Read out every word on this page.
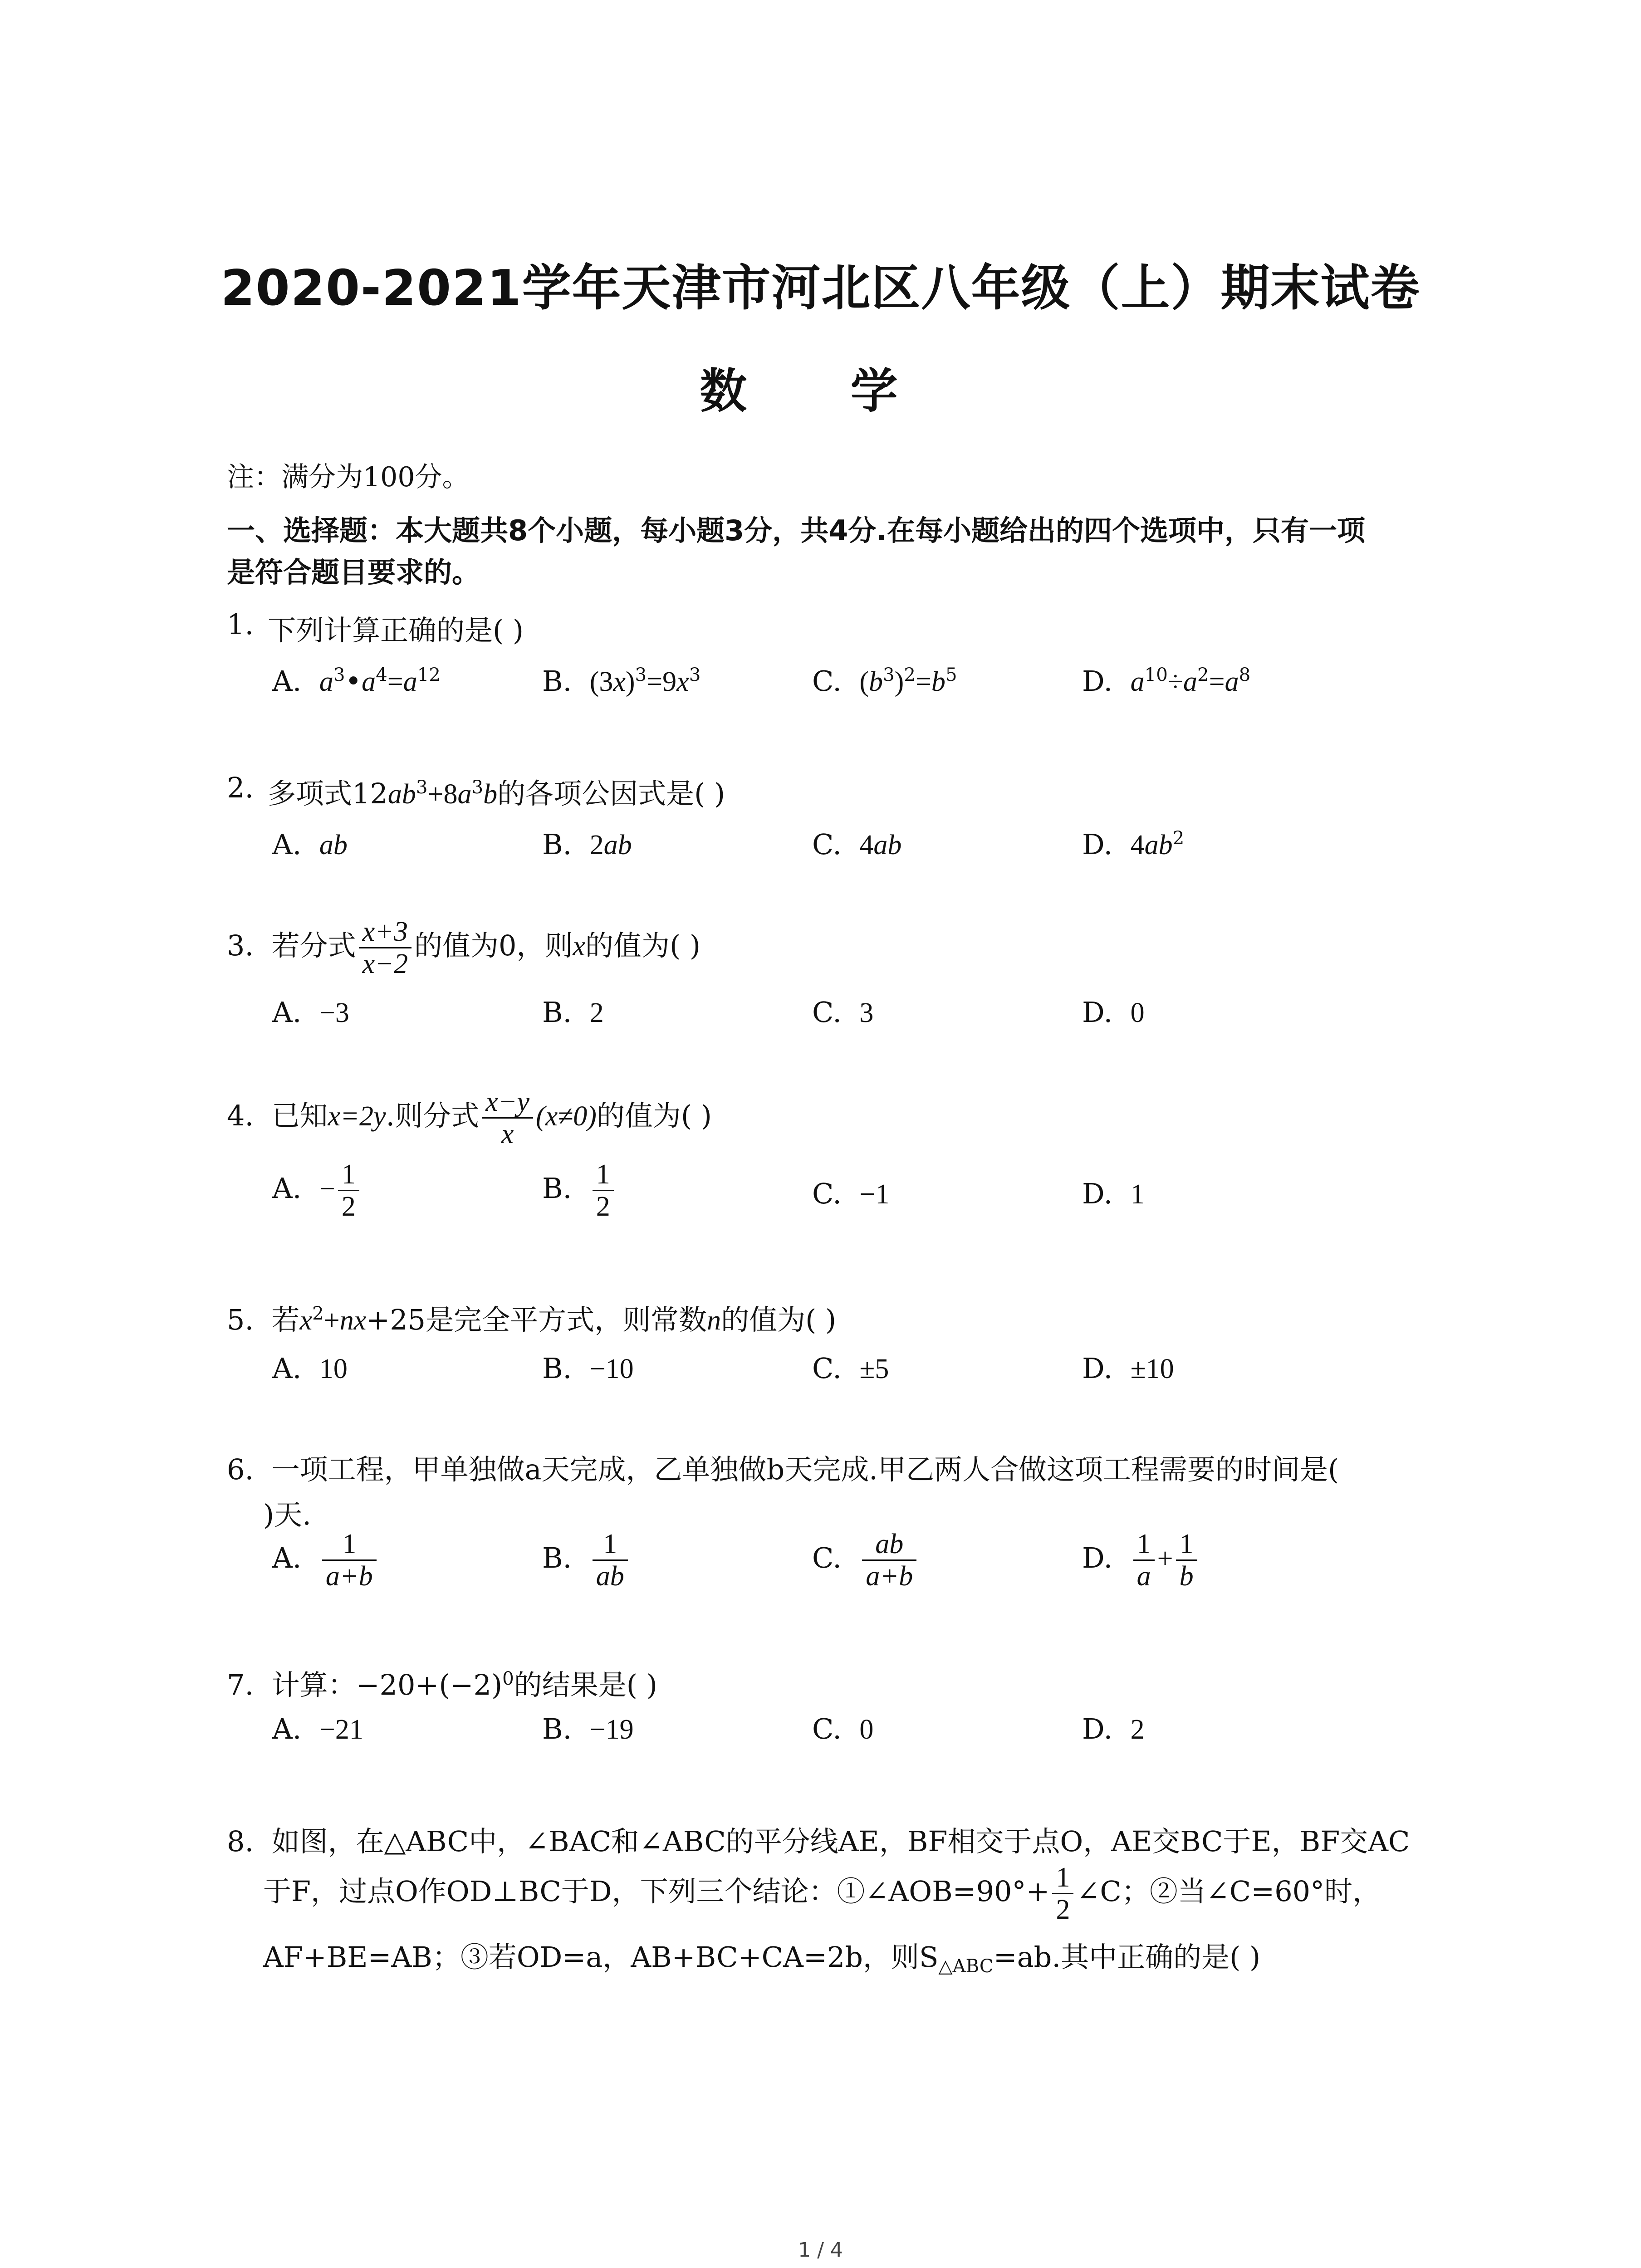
2020-2021学年天津市河北区八年级（上）期末试卷
数 学
注：满分为100分。
一、选择题：本大题共8个小题，每小题3分，共4分.在每小题给出的四个选项中，只有一项
是符合题目要求的。
1. 下列计算正确的是( )
A. $a^3•a^4=a^{12}$	B. $(3x)^3=9x^3$	C. $(b^3)^2=b^5$	D. $a^{10}\div a^2=a^8$
2. 多项式$12ab^3+8a^3b$的各项公因式是( )
A.  ab	B.  2ab	C.  4ab	D.  $4ab^2$
3. 若分式 $\frac{x+3}{x-2}$ 的值为0，则x的值为( )
A.  −3	B.  2	C.  3	D.  0
4. 已知x=2y.则分式 $\frac{x-y}{x} (x\ne 0)$的值为( )
A.  − $\frac{1}{2}$	B. $\frac{1}{2}$	C.  −1	D.  1
5. 若$x^2+nx+25$是完全平方式，则常数n的值为( )
A.  10	B.  −10	C.  ±5	D.  ±10
6. 一项工程，甲单独做a天完成，乙单独做b天完成.甲乙两人合做这项工程需要的时间是(
)天.
A. $\frac{1}{a+b}$	B. $\frac{1}{ab}$	C. $\frac{ab}{a+b}$	D. $\frac{1}{a} + \frac{1}{b}$
7. 计算：$-20+(-2)^0$的结果是( )
A.  −21	B.  −19	C.  0	D.  2
8. 如图，在△ABC中，∠BAC和∠ABC的平分线AE，BF相交于点O，AE交BC于E，BF交AC
于F，过点O作OD⊥BC于D，下列三个结论：①∠AOB=90°+ $\frac{1}{2}$ ∠C；②当∠C=60°时，
AF+BE=AB；③若OD=a，AB+BC+CA=2b，则$S_{\triangle ABC}=ab$.其中正确的是( )
1 / 4
